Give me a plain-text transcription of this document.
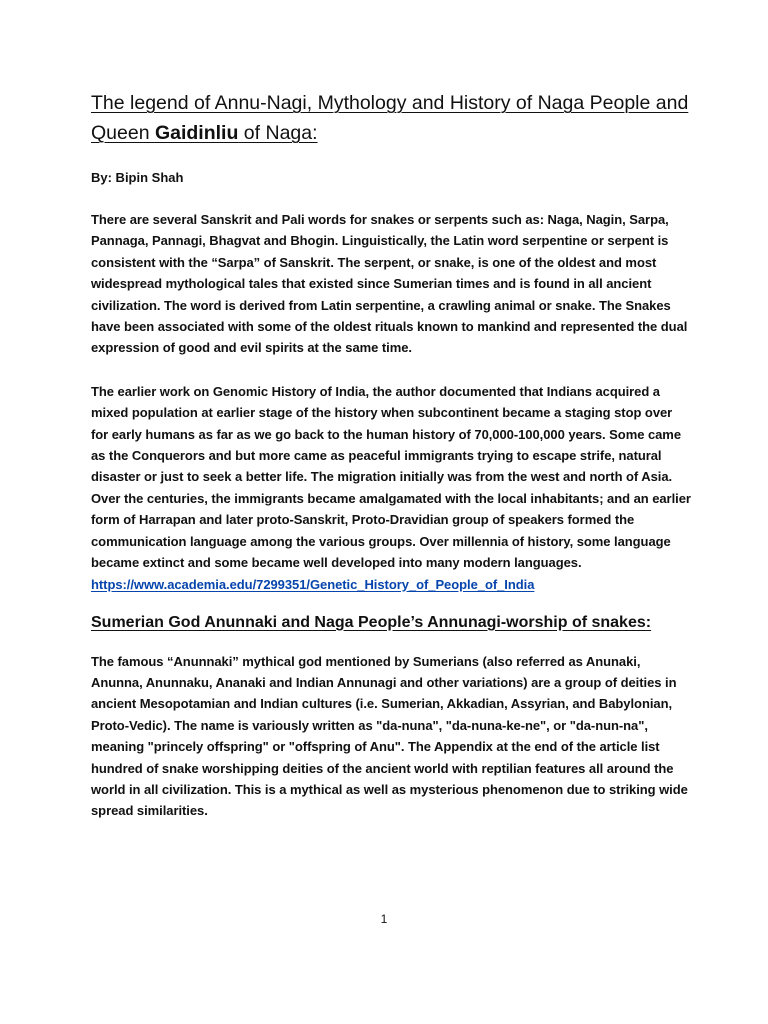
The legend of Annu-Nagi, Mythology and History of Naga People and Queen Gaidinliu of Naga:
By: Bipin Shah
There are several Sanskrit and Pali words for snakes or serpents such as: Naga, Nagin, Sarpa, Pannaga, Pannagi, Bhagvat and Bhogin. Linguistically, the Latin word serpentine or serpent is consistent with the “Sarpa” of Sanskrit. The serpent, or snake, is one of the oldest and most widespread mythological tales that existed since Sumerian times and is found in all ancient civilization. The word is derived from Latin serpentine, a crawling animal or snake. The Snakes have been associated with some of the oldest rituals known to mankind and represented the dual expression of good and evil spirits at the same time.
The earlier work on Genomic History of India, the author documented that Indians acquired a mixed population at earlier stage of the history when subcontinent became a staging stop over for early humans as far as we go back to the human history of 70,000-100,000 years. Some came as the Conquerors and but more came as peaceful immigrants trying to escape strife, natural disaster or just to seek a better life. The migration initially was from the west and north of Asia. Over the centuries, the immigrants became amalgamated with the local inhabitants; and an earlier form of Harrapan and later proto-Sanskrit, Proto-Dravidian group of speakers formed the communication language among the various groups. Over millennia of history, some language became extinct and some became well developed into many modern languages.
https://www.academia.edu/7299351/Genetic_History_of_People_of_India
Sumerian God Anunnaki and Naga People’s Annunagi-worship of snakes:
The famous “Anunnaki” mythical god mentioned by Sumerians (also referred as Anunaki, Anunna, Anunnaku, Ananaki and Indian Annunagi and other variations) are a group of deities in ancient Mesopotamian and Indian cultures (i.e. Sumerian, Akkadian, Assyrian, and Babylonian, Proto-Vedic). The name is variously written as "da-nuna", "da-nuna-ke-ne", or "da-nun-na", meaning "princely offspring" or "offspring of Anu". The Appendix at the end of the article list hundred of snake worshipping deities of the ancient world with reptilian features all around the world in all civilization. This is a mythical as well as mysterious phenomenon due to striking wide spread similarities.
1
